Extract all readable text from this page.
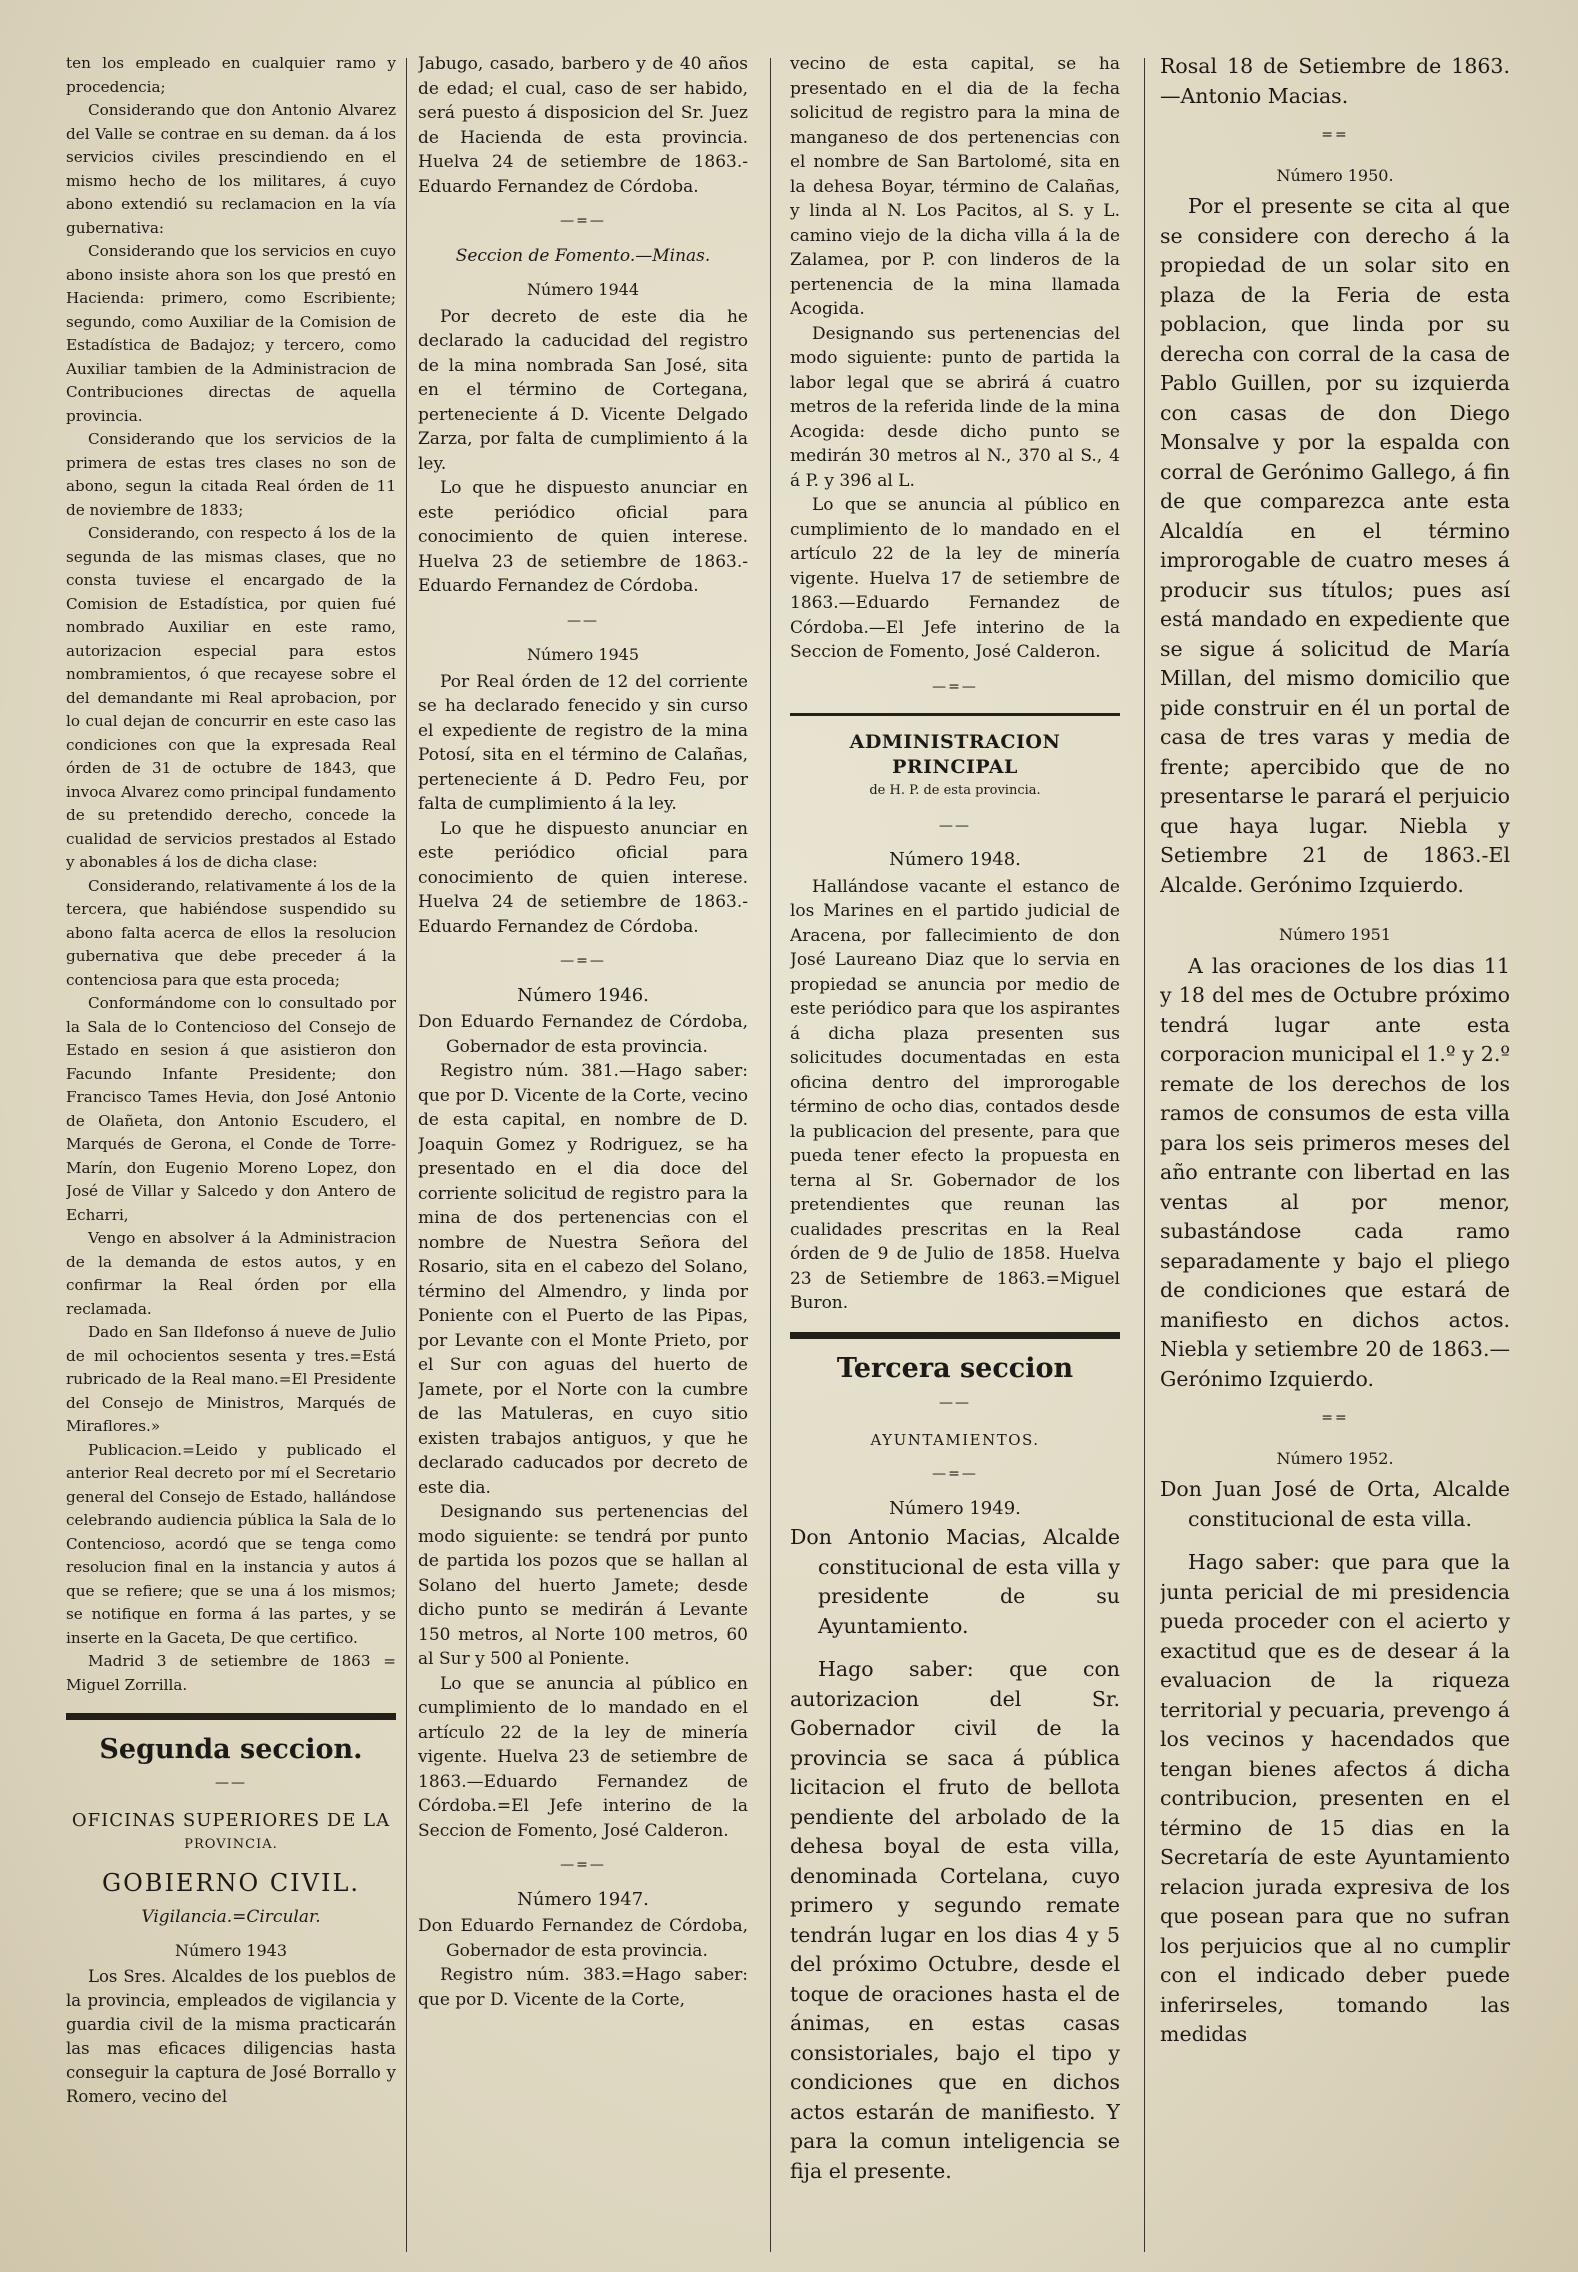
ten los empleado en cualquier ramo y procedencia;

Considerando que don Antonio Alvarez del Valle se contrae en su deman. da á los servicios civiles prescindiendo en el mismo hecho de los militares, á cuyo abono extendió su reclamacion en la vía gubernativa:

Considerando que los servicios en cuyo abono insiste ahora son los que prestó en Hacienda: primero, como Escribiente; segundo, como Auxiliar de la Comision de Estadística de Badajoz; y tercero, como Auxiliar tambien de la Administracion de Contribuciones directas de aquella provincia.

Considerando que los servicios de la primera de estas tres clases no son de abono, segun la citada Real órden de 11 de noviembre de 1833;

Considerando, con respecto á los de la segunda de las mismas clases, que no consta tuviese el encargado de la Comision de Estadística, por quien fué nombrado Auxiliar en este ramo, autorizacion especial para estos nombramientos, ó que recayese sobre el del demandante mi Real aprobacion, por lo cual dejan de concurrir en este caso las condiciones con que la expresada Real órden de 31 de octubre de 1843, que invoca Alvarez como principal fundamento de su pretendido derecho, concede la cualidad de servicios prestados al Estado y abonables á los de dicha clase:

Considerando, relativamente á los de la tercera, que habiéndose suspendido su abono falta acerca de ellos la resolucion gubernativa que debe preceder á la contenciosa para que esta proceda;

Conformándome con lo consultado por la Sala de lo Contencioso del Consejo de Estado en sesion á que asistieron don Facundo Infante Presidente; don Francisco Tames Hevia, don José Antonio de Olañeta, don Antonio Escudero, el Marqués de Gerona, el Conde de Torre-Marín, don Eugenio Moreno Lopez, don José de Villar y Salcedo y don Antero de Echarri,

Vengo en absolver á la Administracion de la demanda de estos autos, y en confirmar la Real órden por ella reclamada.

Dado en San Ildefonso á nueve de Julio de mil ochocientos sesenta y tres.=Está rubricado de la Real mano.=El Presidente del Consejo de Ministros, Marqués de Miraflores.»

Publicacion.=Leido y publicado el anterior Real decreto por mí el Secretario general del Consejo de Estado, hallándose celebrando audiencia pública la Sala de lo Contencioso, acordó que se tenga como resolucion final en la instancia y autos á que se refiere; que se una á los mismos; se notifique en forma á las partes, y se inserte en la Gaceta, De que certifico.

Madrid 3 de setiembre de 1863 = Miguel Zorrilla.

Segunda seccion.
——
OFICINAS SUPERIORES DE LA
PROVINCIA.
GOBIERNO CIVIL.
Vigilancia.=Circular.
Número 1943

Los Sres. Alcaldes de los pueblos de la provincia, empleados de vigilancia y guardia civil de la misma practicarán las mas eficaces diligencias hasta conseguir la captura de José Borrallo y Romero, vecino del

Jabugo, casado, barbero y de 40 años de edad; el cual, caso de ser habido, será puesto á disposicion del Sr. Juez de Hacienda de esta provincia. Huelva 24 de setiembre de 1863.-Eduardo Fernandez de Córdoba.

—=—
Seccion de Fomento.—Minas.
Número 1944

Por decreto de este dia he declarado la caducidad del registro de la mina nombrada San José, sita en el término de Cortegana, perteneciente á D. Vicente Delgado Zarza, por falta de cumplimiento á la ley.

Lo que he dispuesto anunciar en este periódico oficial para conocimiento de quien interese. Huelva 23 de setiembre de 1863.-Eduardo Fernandez de Córdoba.

——
Número 1945

Por Real órden de 12 del corriente se ha declarado fenecido y sin curso el expediente de registro de la mina Potosí, sita en el término de Calañas, perteneciente á D. Pedro Feu, por falta de cumplimiento á la ley.

Lo que he dispuesto anunciar en este periódico oficial para conocimiento de quien interese. Huelva 24 de setiembre de 1863.-Eduardo Fernandez de Córdoba.

—=—
Número 1946.

Don Eduardo Fernandez de Córdoba, Gobernador de esta provincia.

Registro núm. 381.—Hago saber: que por D. Vicente de la Corte, vecino de esta capital, en nombre de D. Joaquin Gomez y Rodriguez, se ha presentado en el dia doce del corriente solicitud de registro para la mina de dos pertenencias con el nombre de Nuestra Señora del Rosario, sita en el cabezo del Solano, término del Almendro, y linda por Poniente con el Puerto de las Pipas, por Levante con el Monte Prieto, por el Sur con aguas del huerto de Jamete, por el Norte con la cumbre de las Matuleras, en cuyo sitio existen trabajos antiguos, y que he declarado caducados por decreto de este dia.

Designando sus pertenencias del modo siguiente: se tendrá por punto de partida los pozos que se hallan al Solano del huerto Jamete; desde dicho punto se medirán á Levante 150 metros, al Norte 100 metros, 60 al Sur y 500 al Poniente.

Lo que se anuncia al público en cumplimiento de lo mandado en el artículo 22 de la ley de minería vigente. Huelva 23 de setiembre de 1863.—Eduardo Fernandez de Córdoba.=El Jefe interino de la Seccion de Fomento, José Calderon.

—=—
Número 1947.

Don Eduardo Fernandez de Córdoba, Gobernador de esta provincia.

Registro núm. 383.=Hago saber: que por D. Vicente de la Corte,

vecino de esta capital, se ha presentado en el dia de la fecha solicitud de registro para la mina de manganeso de dos pertenencias con el nombre de San Bartolomé, sita en la dehesa Boyar, término de Calañas, y linda al N. Los Pacitos, al S. y L. camino viejo de la dicha villa á la de Zalamea, por P. con linderos de la pertenencia de la mina llamada Acogida.

Designando sus pertenencias del modo siguiente: punto de partida la labor legal que se abrirá á cuatro metros de la referida linde de la mina Acogida: desde dicho punto se medirán 30 metros al N., 370 al S., 4 á P. y 396 al L.

Lo que se anuncia al público en cumplimiento de lo mandado en el artículo 22 de la ley de minería vigente. Huelva 17 de setiembre de 1863.—Eduardo Fernandez de Córdoba.—El Jefe interino de la Seccion de Fomento, José Calderon.

—=—
ADMINISTRACION PRINCIPAL
de H. P. de esta provincia.
——
Número 1948.

Hallándose vacante el estanco de los Marines en el partido judicial de Aracena, por fallecimiento de don José Laureano Diaz que lo servia en propiedad se anuncia por medio de este periódico para que los aspirantes á dicha plaza presenten sus solicitudes documentadas en esta oficina dentro del improrogable término de ocho dias, contados desde la publicacion del presente, para que pueda tener efecto la propuesta en terna al Sr. Gobernador de los pretendientes que reunan las cualidades prescritas en la Real órden de 9 de Julio de 1858. Huelva 23 de Setiembre de 1863.=Miguel Buron.

Tercera seccion
——
AYUNTAMIENTOS.
—=—
Número 1949.

Don Antonio Macias, Alcalde constitucional de esta villa y presidente de su Ayuntamiento.

Hago saber: que con autorizacion del Sr. Gobernador civil de la provincia se saca á pública licitacion el fruto de bellota pendiente del arbolado de la dehesa boyal de esta villa, denominada Cortelana, cuyo primero y segundo remate tendrán lugar en los dias 4 y 5 del próximo Octubre, desde el toque de oraciones hasta el de ánimas, en estas casas consistoriales, bajo el tipo y condiciones que en dichos actos estarán de manifiesto. Y para la comun inteligencia se fija el presente.

Rosal 18 de Setiembre de 1863.—Antonio Macias.

==
Número 1950.

Por el presente se cita al que se considere con derecho á la propiedad de un solar sito en plaza de la Feria de esta poblacion, que linda por su derecha con corral de la casa de Pablo Guillen, por su izquierda con casas de don Diego Monsalve y por la espalda con corral de Gerónimo Gallego, á fin de que comparezca ante esta Alcaldía en el término improrogable de cuatro meses á producir sus títulos; pues así está mandado en expediente que se sigue á solicitud de María Millan, del mismo domicilio que pide construir en él un portal de casa de tres varas y media de frente; apercibido que de no presentarse le parará el perjuicio que haya lugar. Niebla y Setiembre 21 de 1863.-El Alcalde. Gerónimo Izquierdo.

Número 1951

A las oraciones de los dias 11 y 18 del mes de Octubre próximo tendrá lugar ante esta corporacion municipal el 1.º y 2.º remate de los derechos de los ramos de consumos de esta villa para los seis primeros meses del año entrante con libertad en las ventas al por menor, subastándose cada ramo separadamente y bajo el pliego de condiciones que estará de manifiesto en dichos actos. Niebla y setiembre 20 de 1863.—Gerónimo Izquierdo.

==
Número 1952.

Don Juan José de Orta, Alcalde constitucional de esta villa.

Hago saber: que para que la junta pericial de mi presidencia pueda proceder con el acierto y exactitud que es de desear á la evaluacion de la riqueza territorial y pecuaria, prevengo á los vecinos y hacendados que tengan bienes afectos á dicha contribucion, presenten en el término de 15 dias en la Secretaría de este Ayuntamiento relacion jurada expresiva de los que posean para que no sufran los perjuicios que al no cumplir con el indicado deber puede inferirseles, tomando las medidas
